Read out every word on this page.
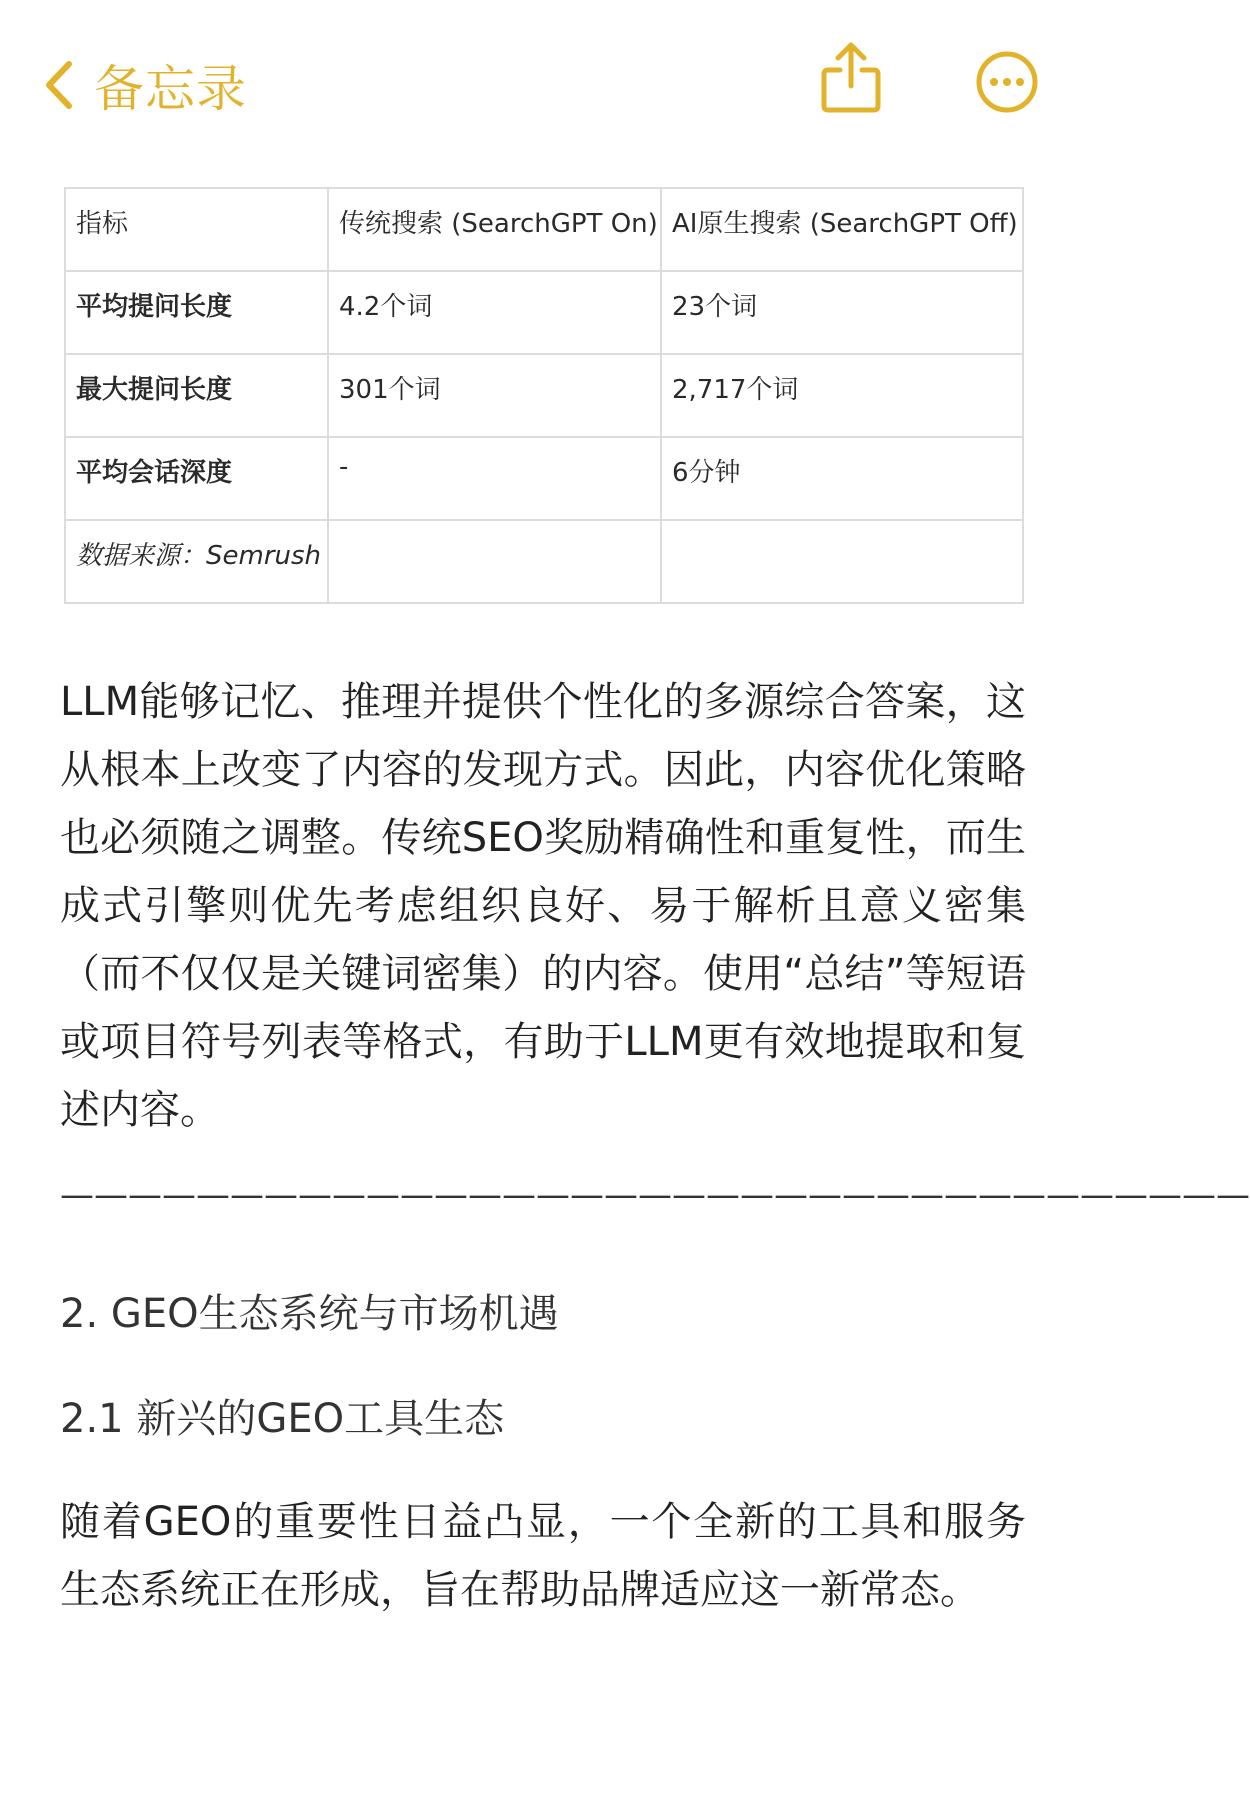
备忘录
指标	传统搜索 (SearchGPT On)	AI原生搜索 (SearchGPT Off)
平均提问长度	4.2个词	23个词
最大提问长度	301个词	2,717个词
平均会话深度	-	6分钟
数据来源：Semrush		
LLM能够记忆、推理并提供个性化的多源综合答案，这从根本上改变了内容的发现方式。因此，内容优化策略也必须随之调整。传统SEO奖励精确性和重复性，而生成式引擎则优先考虑组织良好、易于解析且意义密集（而不仅仅是关键词密集）的内容。使用“总结”等短语或项目符号列表等格式，有助于LLM更有效地提取和复述内容。
———————————————————————————————————
2. GEO生态系统与市场机遇
2.1 新兴的GEO工具生态
随着GEO的重要性日益凸显，一个全新的工具和服务生态系统正在形成，旨在帮助品牌适应这一新常态。
